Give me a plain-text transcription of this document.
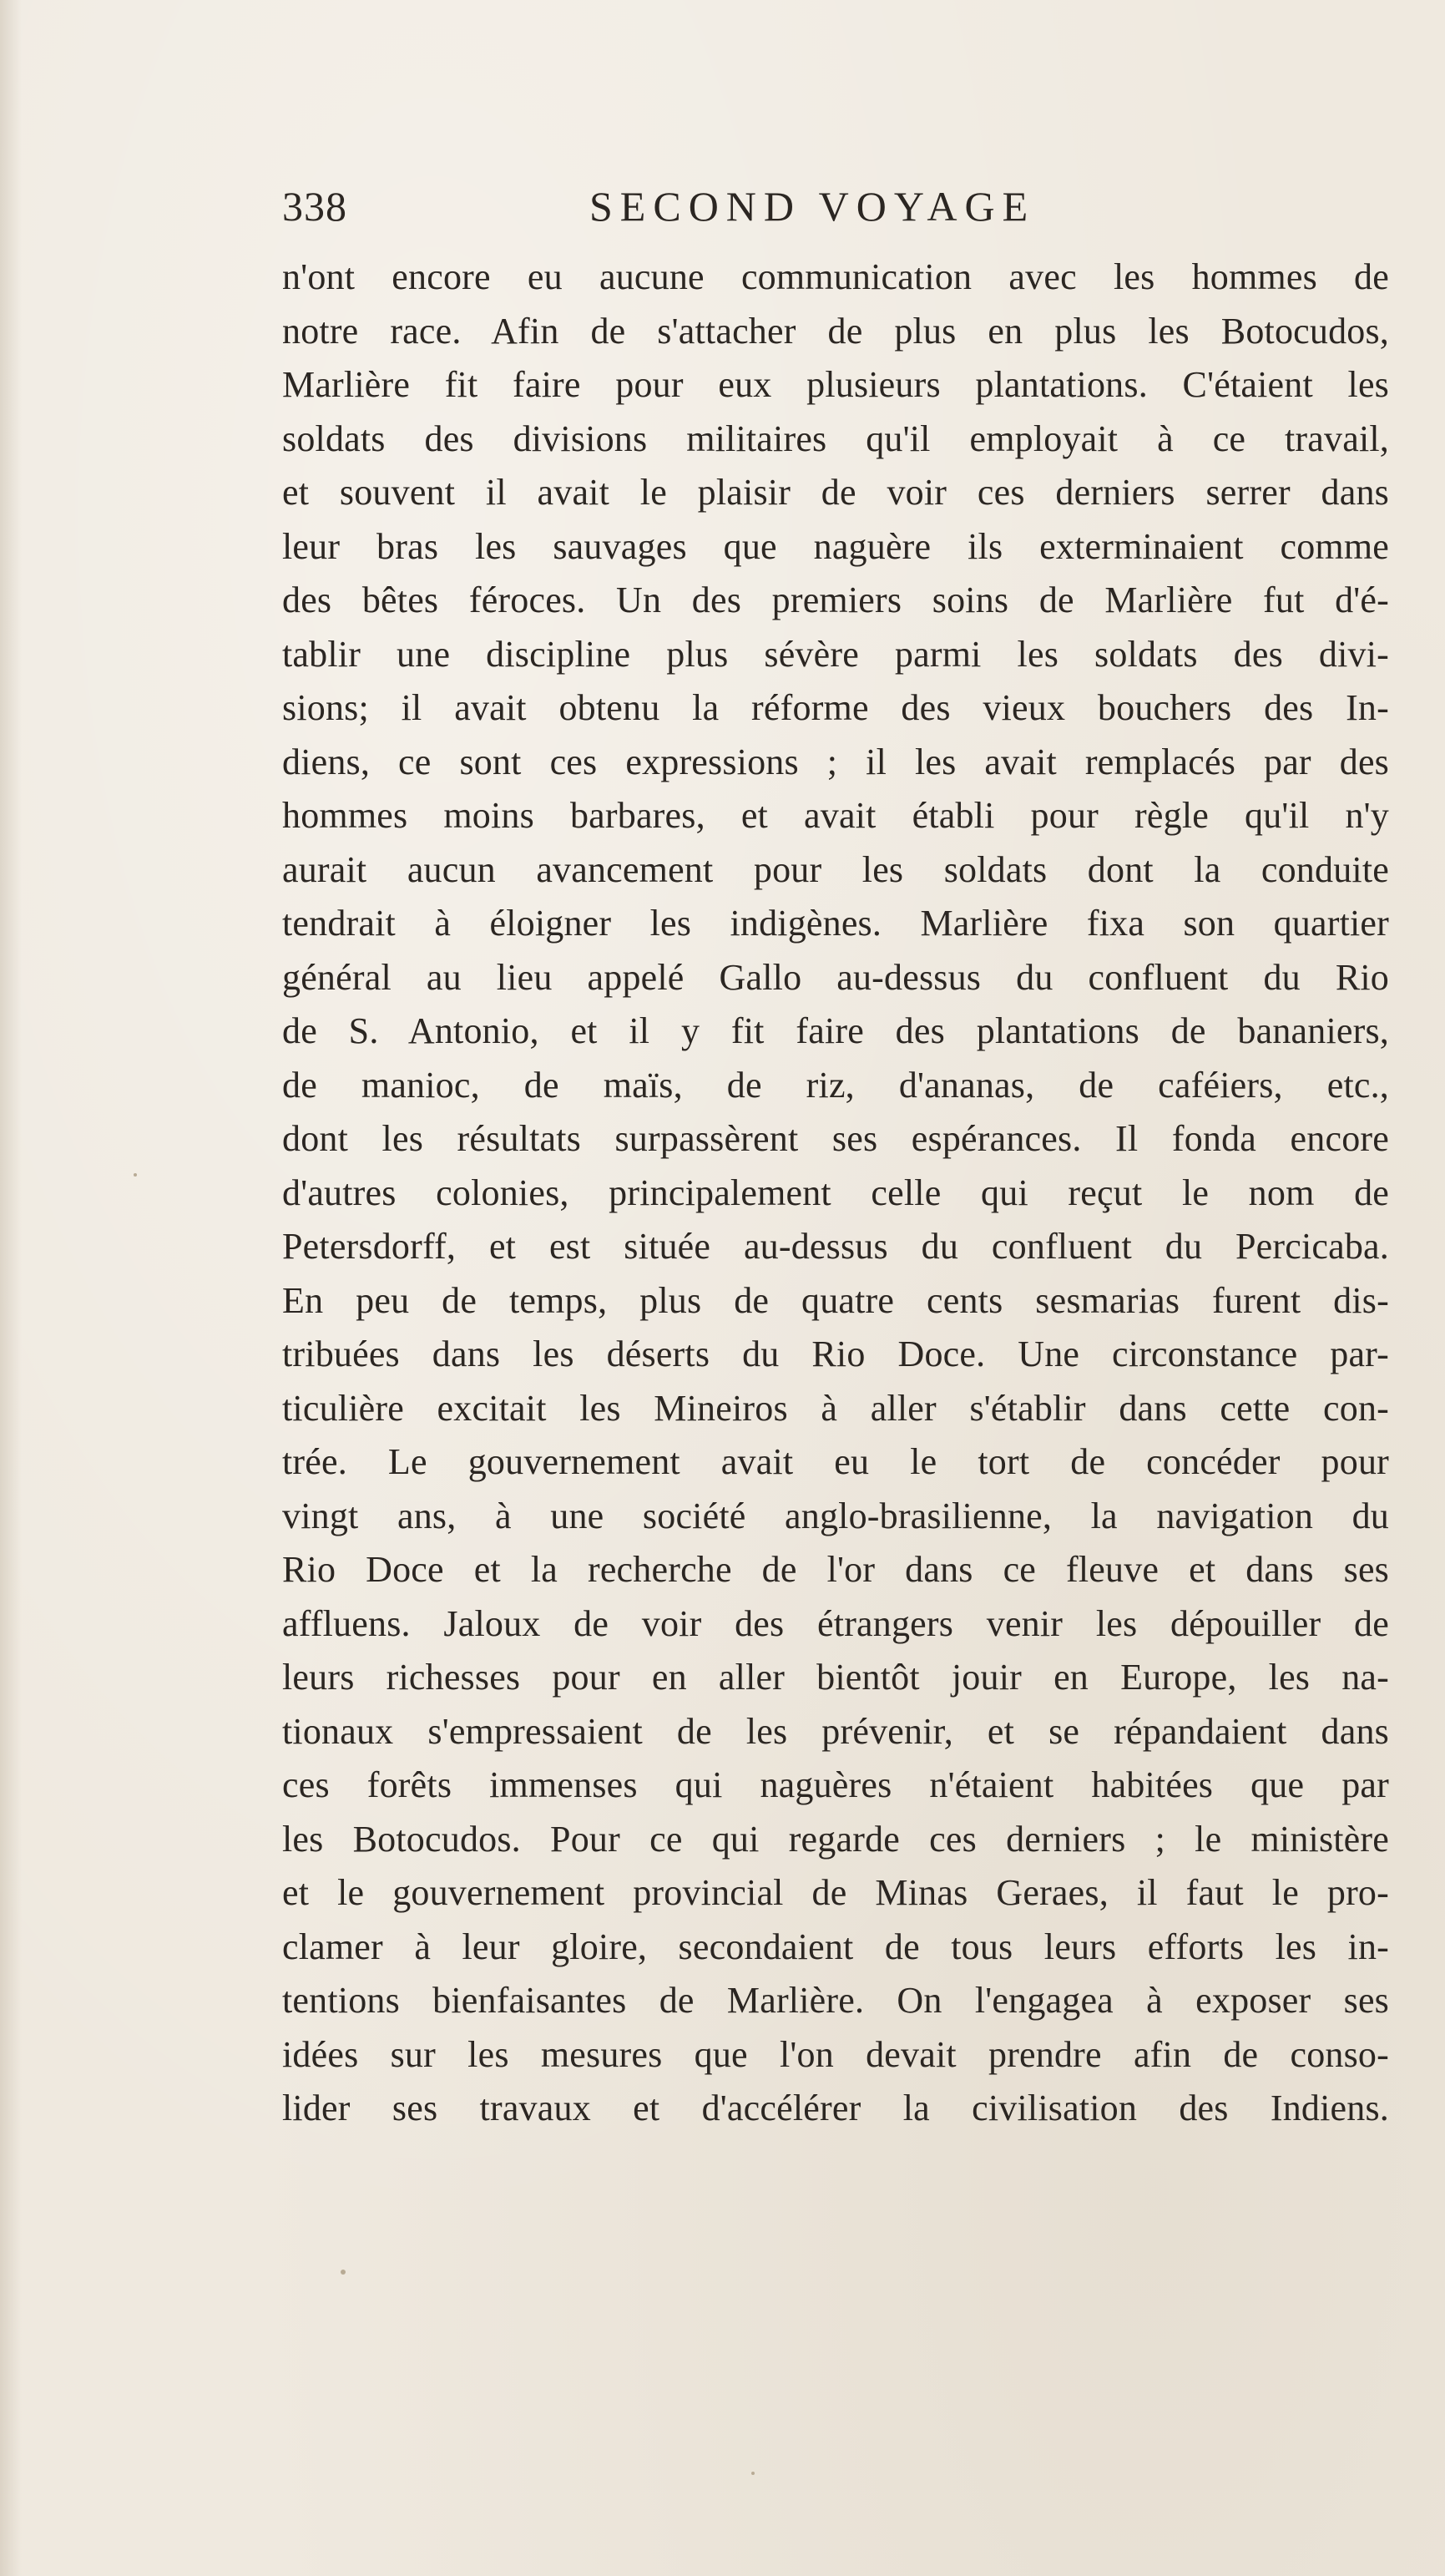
338	SECOND VOYAGE
n'ont encore eu aucune communication avec les hommes de
notre race. Afin de s'attacher de plus en plus les Botocudos,
Marlière fit faire pour eux plusieurs plantations. C'étaient les
soldats des divisions militaires qu'il employait à ce travail,
et souvent il avait le plaisir de voir ces derniers serrer dans
leur bras les sauvages que naguère ils exterminaient comme
des bêtes féroces. Un des premiers soins de Marlière fut d'é-
tablir une discipline plus sévère parmi les soldats des divi-
sions; il avait obtenu la réforme des vieux bouchers des In-
diens, ce sont ces expressions ; il les avait remplacés par des
hommes moins barbares, et avait établi pour règle qu'il n'y
aurait aucun avancement pour les soldats dont la conduite
tendrait à éloigner les indigènes. Marlière fixa son quartier
général au lieu appelé Gallo au-dessus du confluent du Rio
de S. Antonio, et il y fit faire des plantations de bananiers,
de manioc, de maïs, de riz, d'ananas, de caféiers, etc.,
dont les résultats surpassèrent ses espérances. Il fonda encore
d'autres colonies, principalement celle qui reçut le nom de
Petersdorff, et est située au-dessus du confluent du Percicaba.
En peu de temps, plus de quatre cents sesmarias furent dis-
tribuées dans les déserts du Rio Doce. Une circonstance par-
ticulière excitait les Mineiros à aller s'établir dans cette con-
trée. Le gouvernement avait eu le tort de concéder pour
vingt ans, à une société anglo-brasilienne, la navigation du
Rio Doce et la recherche de l'or dans ce fleuve et dans ses
affluens. Jaloux de voir des étrangers venir les dépouiller de
leurs richesses pour en aller bientôt jouir en Europe, les na-
tionaux s'empressaient de les prévenir, et se répandaient dans
ces forêts immenses qui naguères n'étaient habitées que par
les Botocudos. Pour ce qui regarde ces derniers ; le ministère
et le gouvernement provincial de Minas Geraes, il faut le pro-
clamer à leur gloire, secondaient de tous leurs efforts les in-
tentions bienfaisantes de Marlière. On l'engagea à exposer ses
idées sur les mesures que l'on devait prendre afin de conso-
lider ses travaux et d'accélérer la civilisation des Indiens.
